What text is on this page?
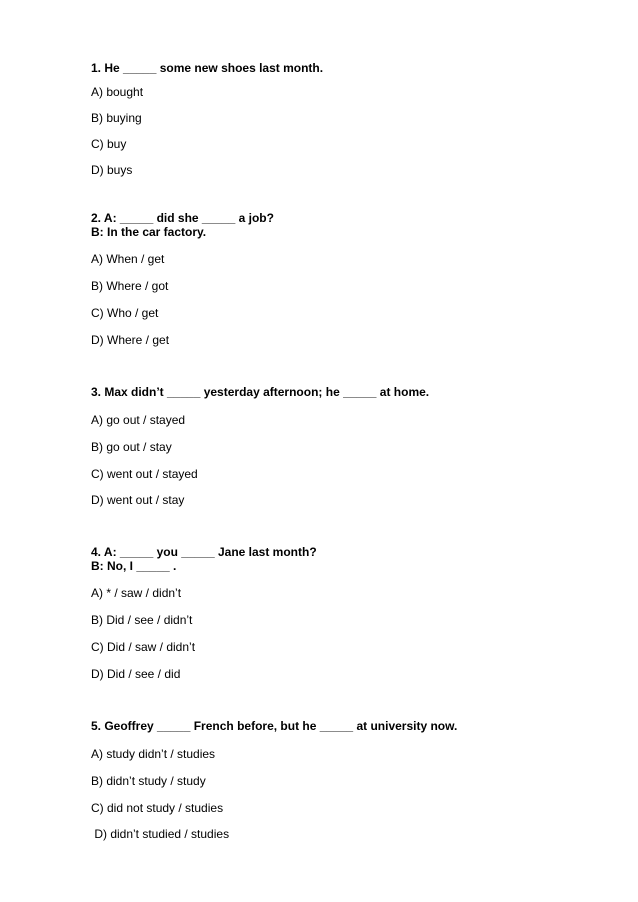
1. He _____ some new shoes last month.
A) bought
B) buying
C) buy
D) buys
2. A: _____ did she _____ a job?
B: In the car factory.
A) When / get
B) Where / got
C) Who / get
D) Where / get
3. Max didn’t _____ yesterday afternoon; he _____ at home.
A) go out / stayed
B) go out / stay
C) went out / stayed
D) went out / stay
4. A: _____ you _____ Jane last month?
B: No, I _____ .
A) * / saw / didn’t
B) Did / see / didn’t
C) Did / saw / didn’t
D) Did / see / did
5. Geoffrey _____ French before, but he _____ at university now.
A) study didn’t / studies
B) didn’t study / study
C) did not study / studies
D) didn’t studied / studies
